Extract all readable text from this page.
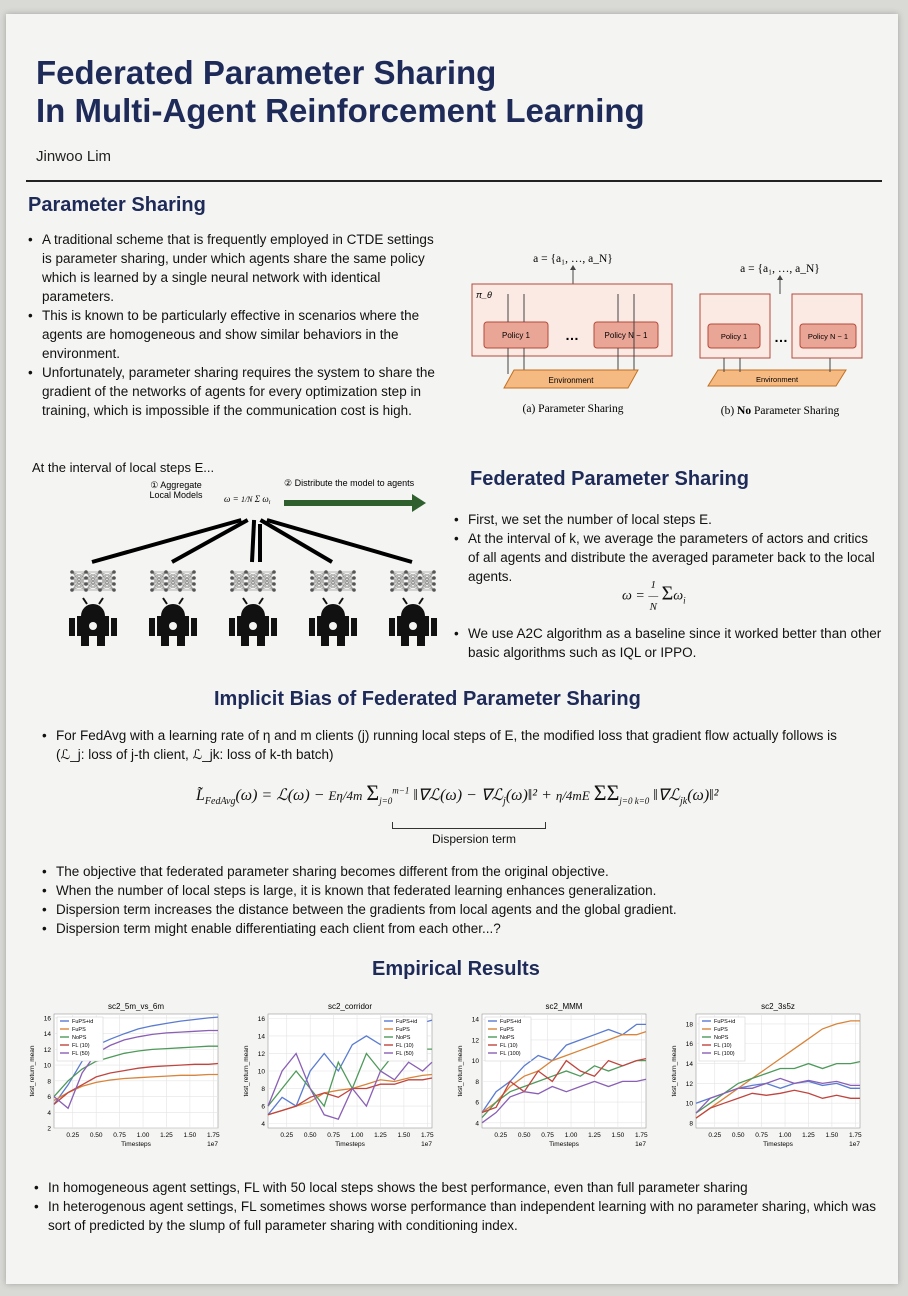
Federated Parameter Sharing
In Multi-Agent Reinforcement Learning
Jinwoo Lim
Parameter Sharing
• A traditional scheme that is frequently employed in CTDE settings is parameter sharing, under which agents share the same policy which is learned by a single neural network with identical parameters.
• This is known to be particularly effective in scenarios where the agents are homogeneous and show similar behaviors in the environment.
• Unfortunately, parameter sharing requires the system to share the gradient of the networks of agents for every optimization step in training, which is impossible if the communication cost is high.
a = {a₁, …, a_N}
π_θ
Policy 1 …	Policy N − 1
Environment
(a) Parameter Sharing
a = {a₁, …, a_N}
Policy 1 …	Policy N − 1
Environment
(b) No Parameter Sharing
At the interval of local steps E...
① Aggregate
Local Models ω = 1/N Σ $\omega_i$
② Distribute the model to agents	Federated Parameter Sharing
• First, we set the number of local steps E.
• At the interval of k, we average the parameters of actors and critics of all agents and distribute the averaged parameter back to the local agents.
ω = 1
—
N $\Sigma\omega_i$
• We use A2C algorithm as a baseline since it worked better than other basic algorithms such as IQL or IPPO.
Implicit Bias of Federated Parameter Sharing
• For FedAvg with a learning rate of η and m clients (j) running local steps of E, the modified loss that gradient flow actually follows is (ℒ_j: loss of j-th client, ℒ_jk: loss of k-th batch)
$L̃_{FedAvg}(\omega)$ = ℒ(ω) − Eη/4m $\Sigma_{j=0}^{m-1}$ ‖∇ℒ(ω) − ∇ℒ$_j$(ω)‖² + η/4mE $\Sigma\Sigma_{j=0 k=0}$ ‖∇ℒ$_{jk}$(ω)‖²
Dispersion term
• The objective that federated parameter sharing becomes different from the original objective.
• When the number of local steps is large, it is known that federated learning enhances generalization.
• Dispersion term increases the distance between the gradients from local agents and the global gradient.
• Dispersion term might enable differentiating each client from each other...?
Empirical Results
sc2_5m_vs_6m
2
4
6
8
10
12
14
16
0.25 0.50 0.75 1.00 1.25 1.50 1.75
Timesteps	1e7
test_return_mean
FuPS+id
FuPS
NoPS
FL (10)
FL (50)
sc2_corridor
4
6
8
10
12
14
16
0.25 0.50 0.75 1.00 1.25 1.50 1.75
Timesteps	1e7
test_return_mean
FuPS+id
FuPS
NoPS
FL (10)
FL (50)
sc2_MMM
4
6
8
10
12
14
0.25 0.50 0.75 1.00 1.25 1.50 1.75
Timesteps	1e7
test_return_mean
FuPS+id
FuPS
NoPS
FL (10)
FL (100)
sc2_3s5z
8
10
12
14
16
18
0.25 0.50 0.75 1.00 1.25 1.50 1.75
Timesteps	1e7
test_return_mean
FuPS+id
FuPS
NoPS
FL (10)
FL (100)
• In homogeneous agent settings, FL with 50 local steps shows the best performance, even than full parameter sharing
• In heterogenous agent settings, FL sometimes shows worse performance than independent learning with no parameter sharing, which was sort of predicted by the slump of full parameter sharing with conditioning index.
